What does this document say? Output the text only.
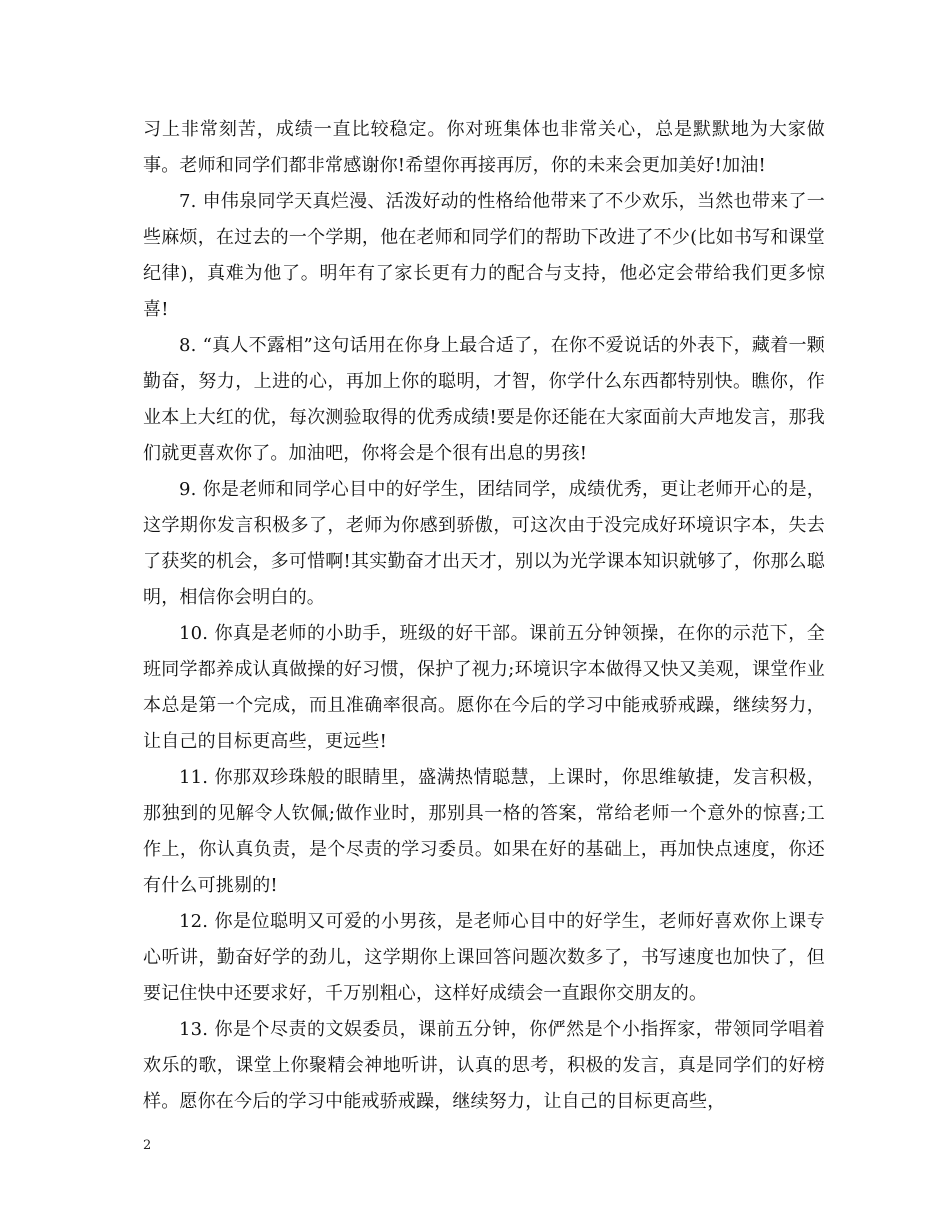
习上非常刻苦，成绩一直比较稳定。你对班集体也非常关心，总是默默地为大家做事。老师和同学们都非常感谢你!希望你再接再厉，你的未来会更加美好!加油!

7. 申伟泉同学天真烂漫、活泼好动的性格给他带来了不少欢乐，当然也带来了一些麻烦，在过去的一个学期，他在老师和同学们的帮助下改进了不少(比如书写和课堂纪律)，真难为他了。明年有了家长更有力的配合与支持，他必定会带给我们更多惊喜!

8. “真人不露相”这句话用在你身上最合适了，在你不爱说话的外表下，藏着一颗勤奋，努力，上进的心，再加上你的聪明，才智，你学什么东西都特别快。瞧你，作业本上大红的优，每次测验取得的优秀成绩!要是你还能在大家面前大声地发言，那我们就更喜欢你了。加油吧，你将会是个很有出息的男孩!

9. 你是老师和同学心目中的好学生，团结同学，成绩优秀，更让老师开心的是，这学期你发言积极多了，老师为你感到骄傲，可这次由于没完成好环境识字本，失去了获奖的机会，多可惜啊!其实勤奋才出天才，别以为光学课本知识就够了，你那么聪明，相信你会明白的。

10. 你真是老师的小助手，班级的好干部。课前五分钟领操，在你的示范下，全班同学都养成认真做操的好习惯，保护了视力;环境识字本做得又快又美观，课堂作业本总是第一个完成，而且准确率很高。愿你在今后的学习中能戒骄戒躁，继续努力，让自己的目标更高些，更远些!

11. 你那双珍珠般的眼睛里，盛满热情聪慧，上课时，你思维敏捷，发言积极，那独到的见解令人钦佩;做作业时，那别具一格的答案，常给老师一个意外的惊喜;工作上，你认真负责，是个尽责的学习委员。如果在好的基础上，再加快点速度，你还有什么可挑剔的!

12. 你是位聪明又可爱的小男孩，是老师心目中的好学生，老师好喜欢你上课专心听讲，勤奋好学的劲儿，这学期你上课回答问题次数多了，书写速度也加快了，但要记住快中还要求好，千万别粗心，这样好成绩会一直跟你交朋友的。

13. 你是个尽责的文娱委员，课前五分钟，你俨然是个小指挥家，带领同学唱着欢乐的歌，课堂上你聚精会神地听讲，认真的思考，积极的发言，真是同学们的好榜样。愿你在今后的学习中能戒骄戒躁，继续努力，让自己的目标更高些，

2
